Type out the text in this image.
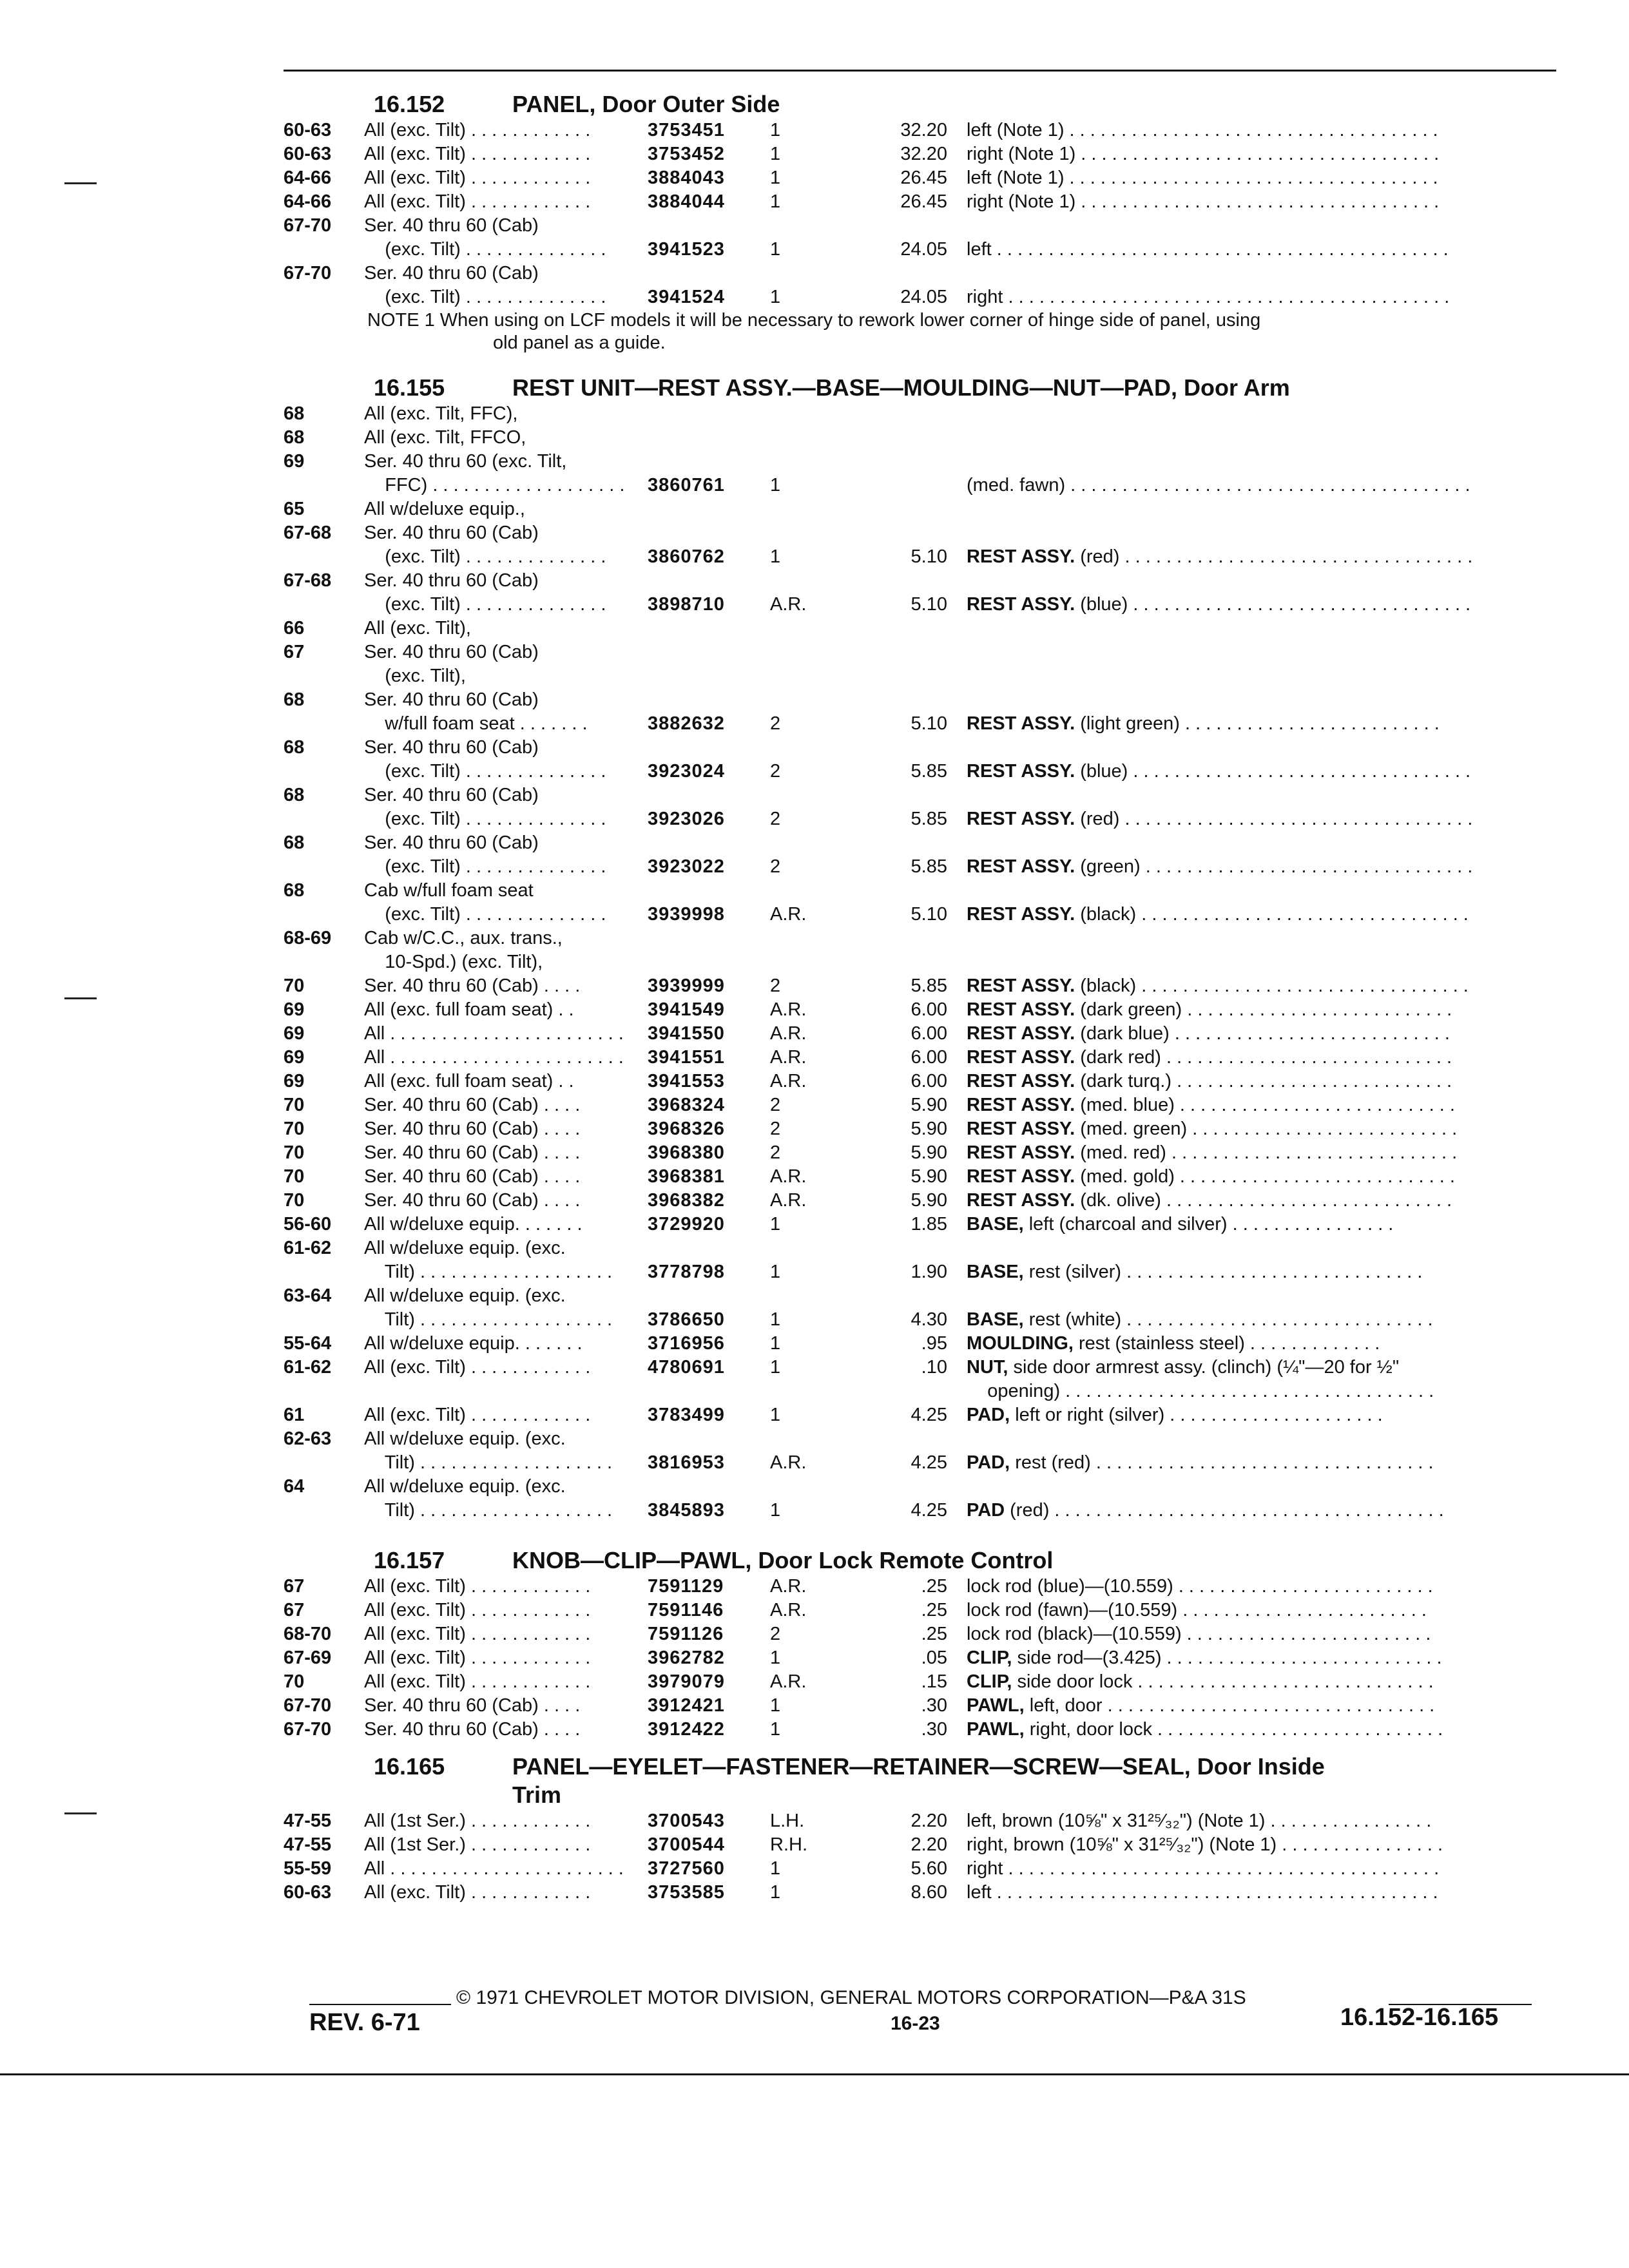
16.152	PANEL, Door Outer Side
60-63 All (exc. Tilt) . . . . . . . . . . . .	3753451 1	32.20 left (Note 1) . . . . . . . . . . . . . . . . . . . . . . . . . . . . . . . . . . . .
60-63 All (exc. Tilt) . . . . . . . . . . . .	3753452 1	32.20 right (Note 1) . . . . . . . . . . . . . . . . . . . . . . . . . . . . . . . . . . .
64-66 All (exc. Tilt) . . . . . . . . . . . .	3884043 1	26.45 left (Note 1) . . . . . . . . . . . . . . . . . . . . . . . . . . . . . . . . . . . .
64-66 All (exc. Tilt) . . . . . . . . . . . .	3884044 1	26.45 right (Note 1) . . . . . . . . . . . . . . . . . . . . . . . . . . . . . . . . . . .
67-70 Ser. 40 thru 60 (Cab)
(exc. Tilt) . . . . . . . . . . . . . .	3941523 1	24.05 left . . . . . . . . . . . . . . . . . . . . . . . . . . . . . . . . . . . . . . . . . . . .
67-70 Ser. 40 thru 60 (Cab)
(exc. Tilt) . . . . . . . . . . . . . .	3941524 1	24.05 right . . . . . . . . . . . . . . . . . . . . . . . . . . . . . . . . . . . . . . . . . . .
NOTE 1 When using on LCF models it will be necessary to rework lower corner of hinge side of panel, using
old panel as a guide.
16.155	REST UNIT—REST ASSY.—BASE—MOULDING—NUT—PAD, Door Arm
68	All (exc. Tilt, FFC),
68	All (exc. Tilt, FFCO,
69	Ser. 40 thru 60 (exc. Tilt,
FFC) . . . . . . . . . . . . . . . . . . .	3860761 1	(med. fawn) . . . . . . . . . . . . . . . . . . . . . . . . . . . . . . . . . . . . . . .
65	All w/deluxe equip.,
67-68 Ser. 40 thru 60 (Cab)
(exc. Tilt) . . . . . . . . . . . . . .	3860762 1	5.10 REST ASSY. (red) . . . . . . . . . . . . . . . . . . . . . . . . . . . . . . . . . .
67-68 Ser. 40 thru 60 (Cab)
(exc. Tilt) . . . . . . . . . . . . . .	3898710 A.R.	5.10 REST ASSY. (blue) . . . . . . . . . . . . . . . . . . . . . . . . . . . . . . . . .
66	All (exc. Tilt),
67	Ser. 40 thru 60 (Cab)
(exc. Tilt),
68	Ser. 40 thru 60 (Cab)
w/full foam seat . . . . . . .	3882632 2	5.10 REST ASSY. (light green) . . . . . . . . . . . . . . . . . . . . . . . . .
68	Ser. 40 thru 60 (Cab)
(exc. Tilt) . . . . . . . . . . . . . .	3923024 2	5.85 REST ASSY. (blue) . . . . . . . . . . . . . . . . . . . . . . . . . . . . . . . . .
68	Ser. 40 thru 60 (Cab)
(exc. Tilt) . . . . . . . . . . . . . .	3923026 2	5.85 REST ASSY. (red) . . . . . . . . . . . . . . . . . . . . . . . . . . . . . . . . . .
68	Ser. 40 thru 60 (Cab)
(exc. Tilt) . . . . . . . . . . . . . .	3923022 2	5.85 REST ASSY. (green) . . . . . . . . . . . . . . . . . . . . . . . . . . . . . . . .
68	Cab w/full foam seat
(exc. Tilt) . . . . . . . . . . . . . .	3939998 A.R.	5.10 REST ASSY. (black) . . . . . . . . . . . . . . . . . . . . . . . . . . . . . . . .
68-69 Cab w/C.C., aux. trans.,
10-Spd.) (exc. Tilt),
70	Ser. 40 thru 60 (Cab) . . . .	3939999 2	5.85 REST ASSY. (black) . . . . . . . . . . . . . . . . . . . . . . . . . . . . . . . .
69	All (exc. full foam seat) . .	3941549 A.R.	6.00 REST ASSY. (dark green) . . . . . . . . . . . . . . . . . . . . . . . . . .
69	All . . . . . . . . . . . . . . . . . . . . . . .	3941550 A.R.	6.00 REST ASSY. (dark blue) . . . . . . . . . . . . . . . . . . . . . . . . . . .
69	All . . . . . . . . . . . . . . . . . . . . . . .	3941551 A.R.	6.00 REST ASSY. (dark red) . . . . . . . . . . . . . . . . . . . . . . . . . . . .
69	All (exc. full foam seat) . .	3941553 A.R.	6.00 REST ASSY. (dark turq.) . . . . . . . . . . . . . . . . . . . . . . . . . . .
70	Ser. 40 thru 60 (Cab) . . . .	3968324 2	5.90 REST ASSY. (med. blue) . . . . . . . . . . . . . . . . . . . . . . . . . . .
70	Ser. 40 thru 60 (Cab) . . . .	3968326 2	5.90 REST ASSY. (med. green) . . . . . . . . . . . . . . . . . . . . . . . . . .
70	Ser. 40 thru 60 (Cab) . . . .	3968380 2	5.90 REST ASSY. (med. red) . . . . . . . . . . . . . . . . . . . . . . . . . . . .
70	Ser. 40 thru 60 (Cab) . . . .	3968381 A.R.	5.90 REST ASSY. (med. gold) . . . . . . . . . . . . . . . . . . . . . . . . . . .
70	Ser. 40 thru 60 (Cab) . . . .	3968382 A.R.	5.90 REST ASSY. (dk. olive) . . . . . . . . . . . . . . . . . . . . . . . . . . . .
56-60 All w/deluxe equip. . . . . . .	3729920 1	1.85 BASE, left (charcoal and silver) . . . . . . . . . . . . . . . .
61-62 All w/deluxe equip. (exc.
Tilt) . . . . . . . . . . . . . . . . . . .	3778798 1	1.90 BASE, rest (silver) . . . . . . . . . . . . . . . . . . . . . . . . . . . . .
63-64 All w/deluxe equip. (exc.
Tilt) . . . . . . . . . . . . . . . . . . .	3786650 1	4.30 BASE, rest (white) . . . . . . . . . . . . . . . . . . . . . . . . . . . . . .
55-64 All w/deluxe equip. . . . . . .	3716956 1	.95 MOULDING, rest (stainless steel) . . . . . . . . . . . . .
61-62 All (exc. Tilt) . . . . . . . . . . . .	4780691 1	.10 NUT, side door armrest assy. (clinch) (¼"—20 for ½"
opening) . . . . . . . . . . . . . . . . . . . . . . . . . . . . . . . . . . . .
61	All (exc. Tilt) . . . . . . . . . . . .	3783499 1	4.25 PAD, left or right (silver) . . . . . . . . . . . . . . . . . . . . .
62-63 All w/deluxe equip. (exc.
Tilt) . . . . . . . . . . . . . . . . . . .	3816953 A.R.	4.25 PAD, rest (red) . . . . . . . . . . . . . . . . . . . . . . . . . . . . . . . . .
64	All w/deluxe equip. (exc.
Tilt) . . . . . . . . . . . . . . . . . . .	3845893 1	4.25 PAD (red) . . . . . . . . . . . . . . . . . . . . . . . . . . . . . . . . . . . . . .
16.157	KNOB—CLIP—PAWL, Door Lock Remote Control
67	All (exc. Tilt) . . . . . . . . . . . .	7591129 A.R.	.25 lock rod (blue)—(10.559) . . . . . . . . . . . . . . . . . . . . . . . . .
67	All (exc. Tilt) . . . . . . . . . . . .	7591146 A.R.	.25 lock rod (fawn)—(10.559) . . . . . . . . . . . . . . . . . . . . . . . .
68-70 All (exc. Tilt) . . . . . . . . . . . .	7591126 2	.25 lock rod (black)—(10.559) . . . . . . . . . . . . . . . . . . . . . . . .
67-69 All (exc. Tilt) . . . . . . . . . . . .	3962782 1	.05 CLIP, side rod—(3.425) . . . . . . . . . . . . . . . . . . . . . . . . . . .
70	All (exc. Tilt) . . . . . . . . . . . .	3979079 A.R.	.15 CLIP, side door lock . . . . . . . . . . . . . . . . . . . . . . . . . . . . .
67-70 Ser. 40 thru 60 (Cab) . . . .	3912421 1	.30 PAWL, left, door . . . . . . . . . . . . . . . . . . . . . . . . . . . . . . . .
67-70 Ser. 40 thru 60 (Cab) . . . .	3912422 1	.30 PAWL, right, door lock . . . . . . . . . . . . . . . . . . . . . . . . . . . .
16.165	PANEL—EYELET—FASTENER—RETAINER—SCREW—SEAL, Door Inside
Trim
47-55 All (1st Ser.) . . . . . . . . . . . .	3700543 L.H.	2.20 left, brown (10⅝" x 31²⁵⁄₃₂") (Note 1) . . . . . . . . . . . . . . . .
47-55 All (1st Ser.) . . . . . . . . . . . .	3700544 R.H.	2.20 right, brown (10⅝" x 31²⁵⁄₃₂") (Note 1) . . . . . . . . . . . . . . . .
55-59 All . . . . . . . . . . . . . . . . . . . . . . .	3727560 1	5.60 right . . . . . . . . . . . . . . . . . . . . . . . . . . . . . . . . . . . . . . . . . .
60-63 All (exc. Tilt) . . . . . . . . . . . .	3753585 1	8.60 left . . . . . . . . . . . . . . . . . . . . . . . . . . . . . . . . . . . . . . . . . . .
© 1971 CHEVROLET MOTOR DIVISION, GENERAL MOTORS CORPORATION—P&A 31S
REV. 6-71	16-23	16.152-16.165
